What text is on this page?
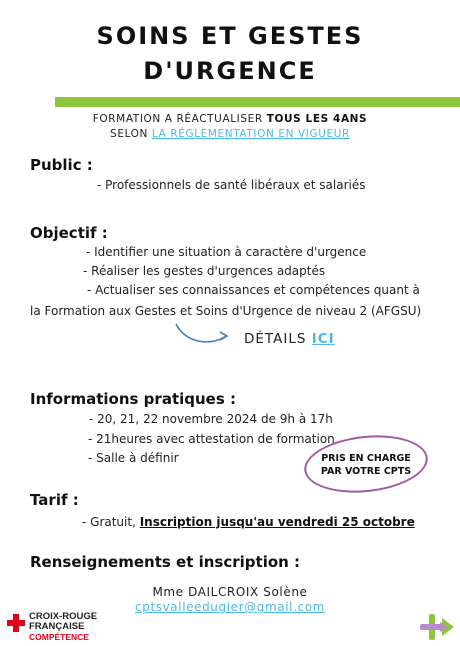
SOINS ET GESTES
D'URGENCE
FORMATION A RÉACTUALISER TOUS LES 4ANS
SELON LA RÉGLEMENTATION EN VIGUEUR
Public :
- Professionnels de santé libéraux et salariés
Objectif :
- Identifier une situation à caractère d'urgence
- Réaliser les gestes d'urgences adaptés
- Actualiser ses connaissances et compétences quant à
la Formation aux Gestes et Soins d'Urgence de niveau 2 (AFGSU)
DÉTAILS ICI
Informations pratiques :
- 20, 21, 22 novembre 2024 de 9h à 17h
- 21heures avec attestation de formation
- Salle à définir	PRIS EN CHARGE
PAR VOTRE CPTS
Tarif :
- Gratuit, Inscription jusqu'au vendredi 25 octobre
Renseignements et inscription :
Mme DAILCROIX Solène
cptsvalleedugier@gmail.com
CROIX-ROUGE
FRANÇAISE
COMPÉTENCE
